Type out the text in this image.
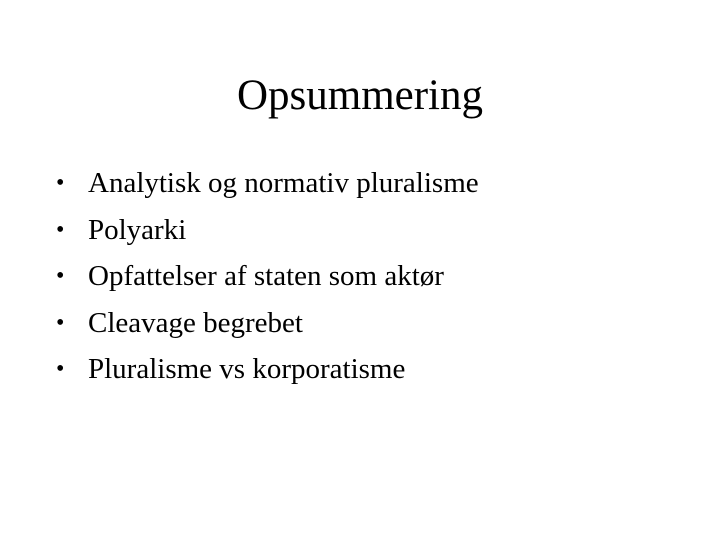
Opsummering
• Analytisk og normativ pluralisme
• Polyarki
• Opfattelser af staten som aktør
• Cleavage begrebet
• Pluralisme vs korporatisme
